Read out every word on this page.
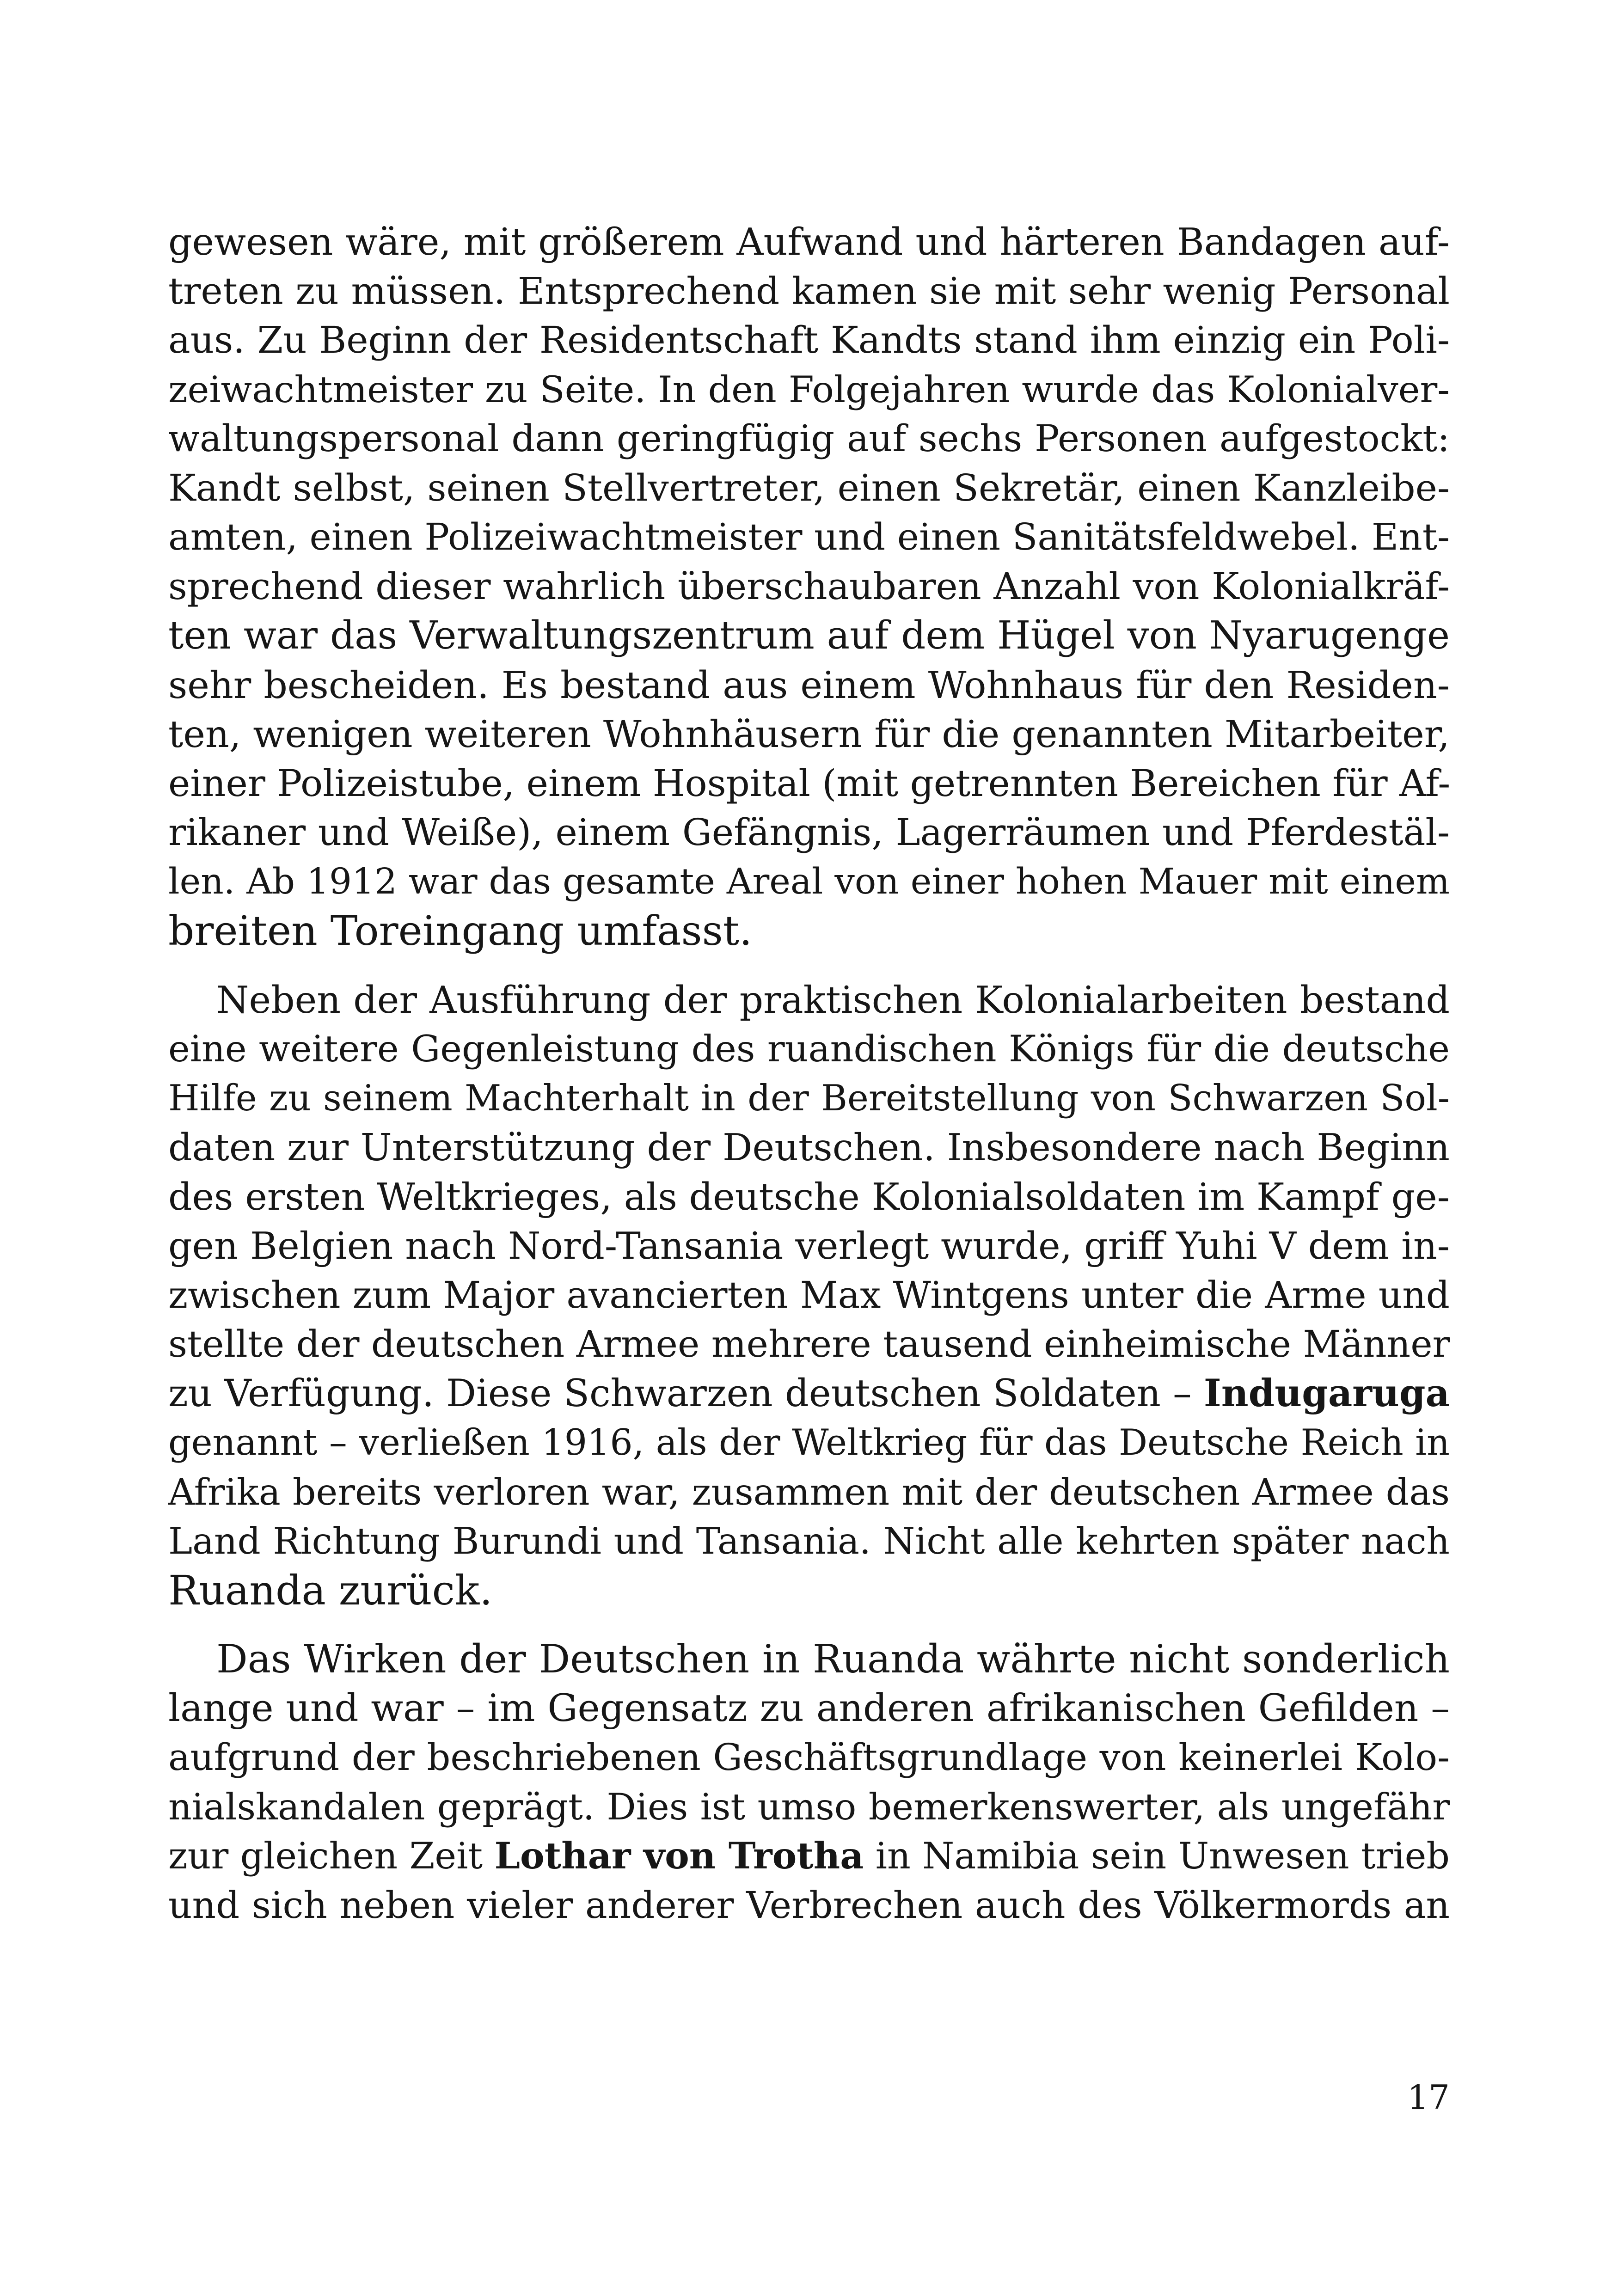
gewesen wäre, mit größerem Aufwand und härteren Bandagen auf-
treten zu müssen. Entsprechend kamen sie mit sehr wenig Personal
aus. Zu Beginn der Residentschaft Kandts stand ihm einzig ein Poli-
zeiwachtmeister zu Seite. In den Folgejahren wurde das Kolonialver-
waltungspersonal dann geringfügig auf sechs Personen aufgestockt:
Kandt selbst, seinen Stellvertreter, einen Sekretär, einen Kanzleibe-
amten, einen Polizeiwachtmeister und einen Sanitätsfeldwebel. Ent-
sprechend dieser wahrlich überschaubaren Anzahl von Kolonialkräf-
ten war das Verwaltungszentrum auf dem Hügel von Nyarugenge
sehr bescheiden. Es bestand aus einem Wohnhaus für den Residen-
ten, wenigen weiteren Wohnhäusern für die genannten Mitarbeiter,
einer Polizeistube, einem Hospital (mit getrennten Bereichen für Af-
rikaner und Weiße), einem Gefängnis, Lagerräumen und Pferdestäl-
len. Ab 1912 war das gesamte Areal von einer hohen Mauer mit einem
breiten Toreingang umfasst.
Neben der Ausführung der praktischen Kolonialarbeiten bestand
eine weitere Gegenleistung des ruandischen Königs für die deutsche
Hilfe zu seinem Machterhalt in der Bereitstellung von Schwarzen Sol-
daten zur Unterstützung der Deutschen. Insbesondere nach Beginn
des ersten Weltkrieges, als deutsche Kolonialsoldaten im Kampf ge-
gen Belgien nach Nord-Tansania verlegt wurde, griff Yuhi V dem in-
zwischen zum Major avancierten Max Wintgens unter die Arme und
stellte der deutschen Armee mehrere tausend einheimische Männer
zu Verfügung. Diese Schwarzen deutschen Soldaten – Indugaruga
genannt – verließen 1916, als der Weltkrieg für das Deutsche Reich in
Afrika bereits verloren war, zusammen mit der deutschen Armee das
Land Richtung Burundi und Tansania. Nicht alle kehrten später nach
Ruanda zurück.
Das Wirken der Deutschen in Ruanda währte nicht sonderlich
lange und war – im Gegensatz zu anderen afrikanischen Gefilden –
aufgrund der beschriebenen Geschäftsgrundlage von keinerlei Kolo-
nialskandalen geprägt. Dies ist umso bemerkenswerter, als ungefähr
zur gleichen Zeit Lothar von Trotha in Namibia sein Unwesen trieb
und sich neben vieler anderer Verbrechen auch des Völkermords an
17
